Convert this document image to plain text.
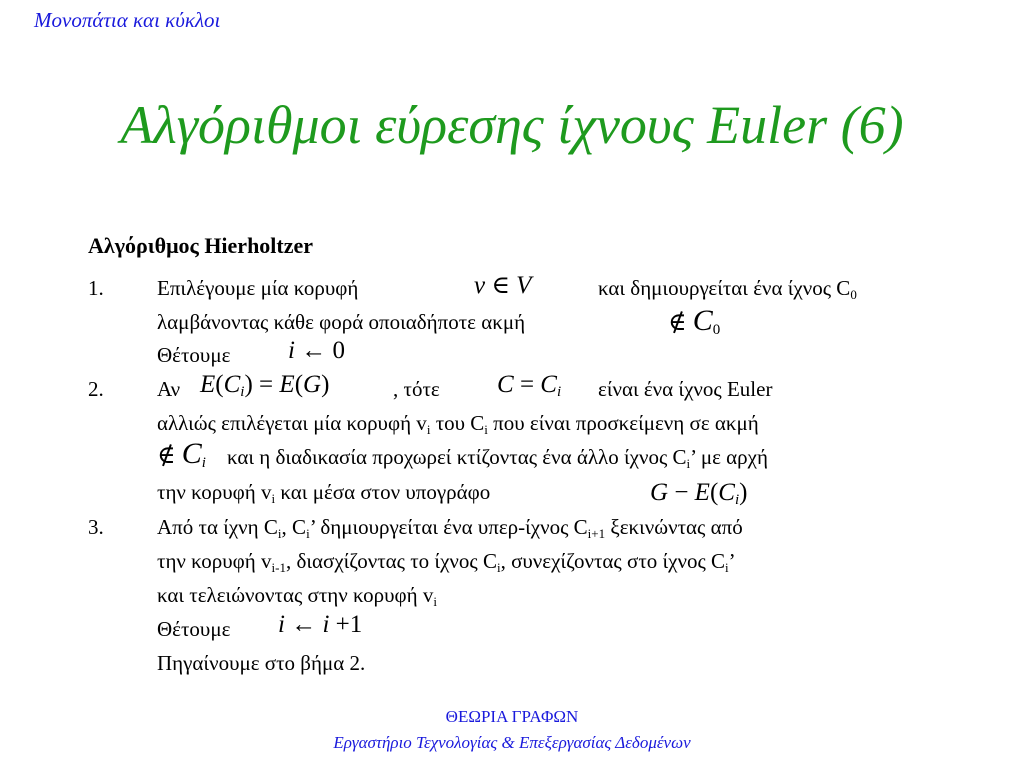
Μονοπάτια και κύκλοι
Αλγόριθμοι εύρεσης ίχνους Euler (6)
Αλγόριθμος Hierholtzer
1.	Επιλέγουμε μία κορυφή	v ∈ V	και δημιουργείται ένα ίχνος $C_0$
λαμβάνοντας κάθε φορά οποιαδήποτε ακμή	∉ $C_0$
Θέτουμε i ← 0
2.	Αν $E(C_i) = E(G)$	, τότε $C = C_i$ είναι ένα ίχνος Euler
αλλιώς επιλέγεται μία κορυφή $v_i$ του $C_i$ που είναι προσκείμενη σε ακμή
∉ $C_i$ και η διαδικασία προχωρεί κτίζοντας ένα άλλο ίχνος $C_i$’ με αρχή
την κορυφή $v_i$ και μέσα στον υπογράφο	$G - E(C_i)$
3.	Από τα ίχνη $C_i$, $C_i$’ δημιουργείται ένα υπερ-ίχνος $C_{i+1}$ ξεκινώντας από
την κορυφή $v_{i-1}$, διασχίζοντας το ίχνος $C_i$, συνεχίζοντας στο ίχνος $C_i$’
και τελειώνοντας στην κορυφή $v_i$
Θέτουμε i ← i +1
Πηγαίνουμε στο βήμα 2.
ΘΕΩΡΙΑ ΓΡΑΦΩΝ
Εργαστήριο Τεχνολογίας & Επεξεργασίας Δεδομένων
